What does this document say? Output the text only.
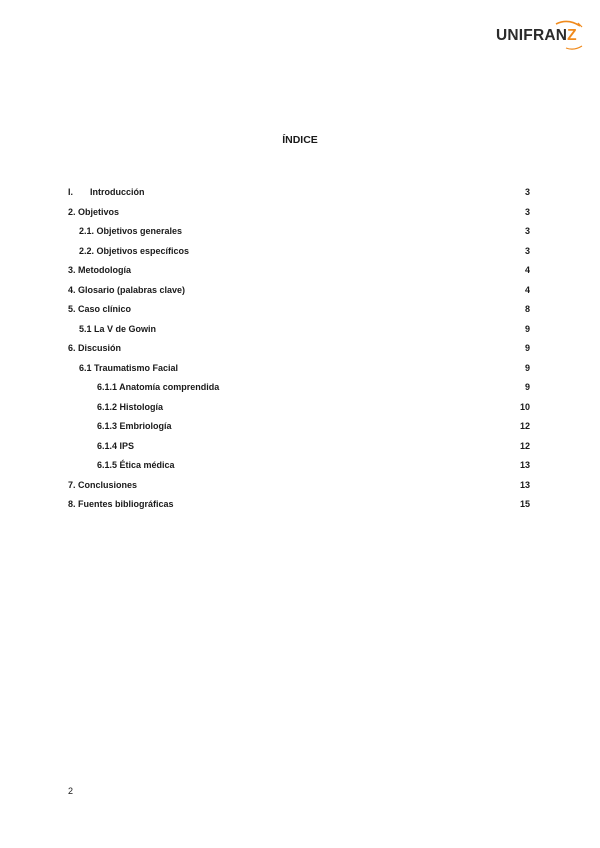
UNIFRANZ
ÍNDICE
I. Introducción	3
2. Objetivos	3
2.1. Objetivos generales	3
2.2. Objetivos específicos	3
3. Metodología	4
4. Glosario (palabras clave)	4
5. Caso clínico	8
5.1 La V de Gowin	9
6. Discusión	9
6.1 Traumatismo Facial	9
6.1.1 Anatomía comprendida	9
6.1.2 Histología	10
6.1.3 Embriología	12
6.1.4 IPS	12
6.1.5 Ética médica	13
7. Conclusiones	13
8. Fuentes bibliográficas	15
2
